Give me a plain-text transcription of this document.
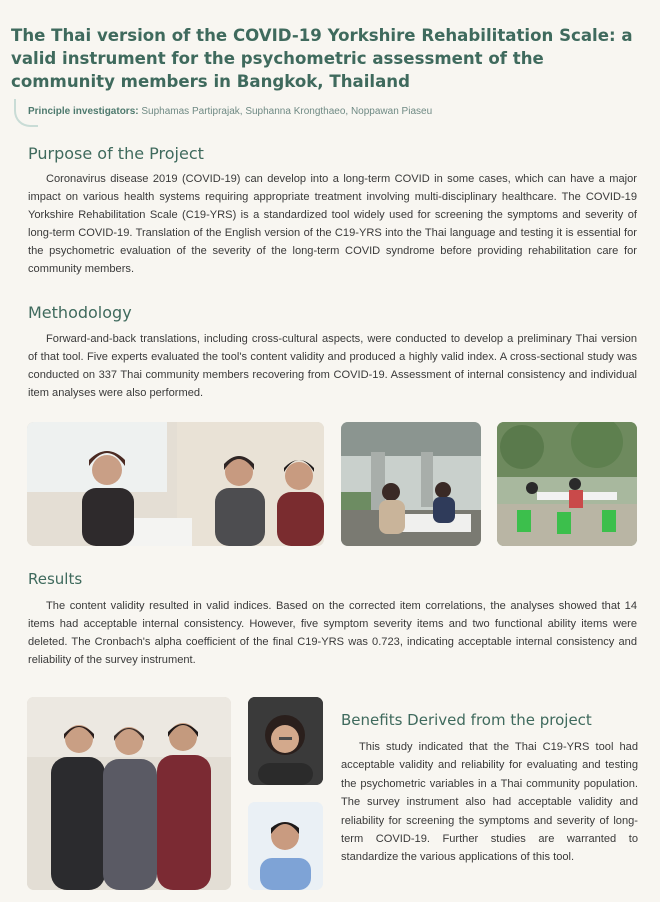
The Thai version of the COVID-19 Yorkshire Rehabilitation Scale: a valid instrument for the psychometric assessment of the community members in Bangkok, Thailand
Principle investigators: Suphamas Partiprajak, Suphanna Krongthaeo, Noppawan Piaseu
Purpose of the Project

Coronavirus disease 2019 (COVID-19) can develop into a long-term COVID in some cases, which can have a major impact on various health systems requiring appropriate treatment involving multi-disciplinary healthcare. The COVID-19 Yorkshire Rehabilitation Scale (C19-YRS) is a standardized tool widely used for screening the symptoms and severity of long-term COVID-19. Translation of the English version of the C19-YRS into the Thai language and testing it is essential for the psychometric evaluation of the severity of the long-term COVID syndrome before providing rehabilitation care for community members.

Methodology

Forward-and-back translations, including cross-cultural aspects, were conducted to develop a preliminary Thai version of that tool. Five experts evaluated the tool's content validity and produced a highly valid index. A cross-sectional study was conducted on 337 Thai community members recovering from COVID-19. Assessment of internal consistency and individual item analyses were also performed.

Results

The content validity resulted in valid indices. Based on the corrected item correlations, the analyses showed that 14 items had acceptable internal consistency. However, five symptom severity items and two functional ability items were deleted. The Cronbach's alpha coefficient of the final C19-YRS was 0.723, indicating acceptable internal consistency and reliability of the survey instrument.

Benefits Derived from the project

This study indicated that the Thai C19-YRS tool had acceptable validity and reliability for evaluating and testing the psychometric variables in a Thai community population. The survey instrument also had acceptable validity and reliability for screening the symptoms and severity of long-term COVID-19. Further studies are warranted to standardize the various applications of this tool.
